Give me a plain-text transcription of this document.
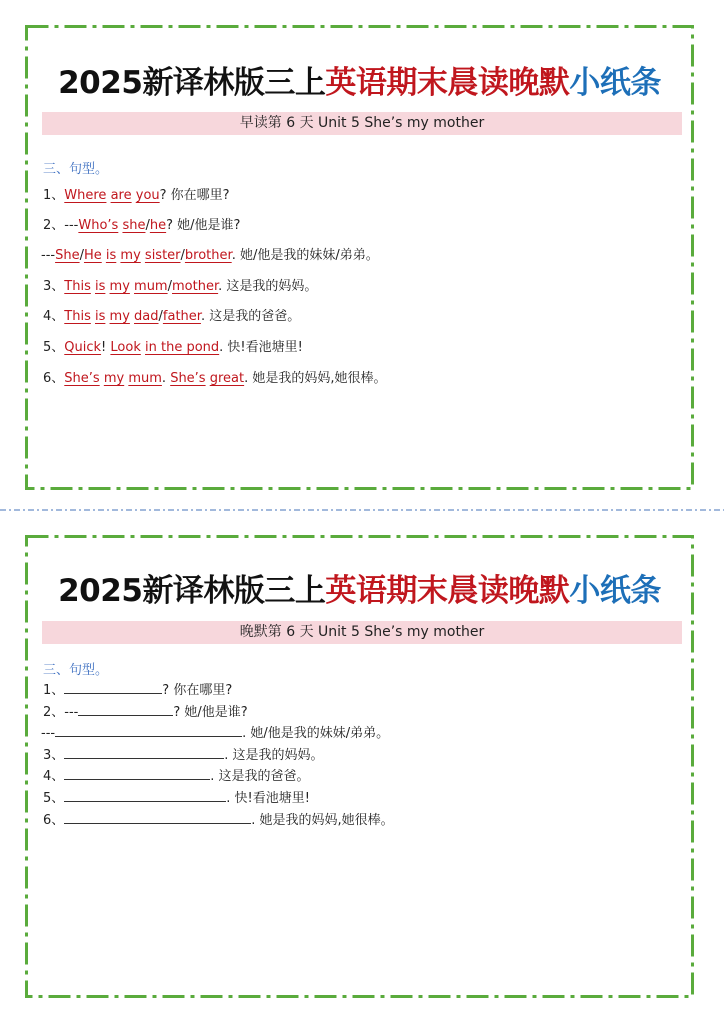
2025新译林版三上英语期末晨读晚默小纸条
早读第 6 天 Unit 5 She’s my mother
三、句型。
1、Where are you? 你在哪里?
2、---Who’s she/he? 她/他是谁?
---She/He is my sister/brother. 她/他是我的妹妹/弟弟。
3、This is my mum/mother. 这是我的妈妈。
4、This is my dad/father. 这是我的爸爸。
5、Quick! Look in the pond. 快!看池塘里!
6、She’s my mum. She’s great. 她是我的妈妈,她很棒。
2025新译林版三上英语期末晨读晚默小纸条
晚默第 6 天 Unit 5 She’s my mother
三、句型。
1、	? 你在哪里?
2、---	? 她/他是谁?
---	. 她/他是我的妹妹/弟弟。
3、	. 这是我的妈妈。
4、	. 这是我的爸爸。
5、	. 快!看池塘里!
6、	. 她是我的妈妈,她很棒。
